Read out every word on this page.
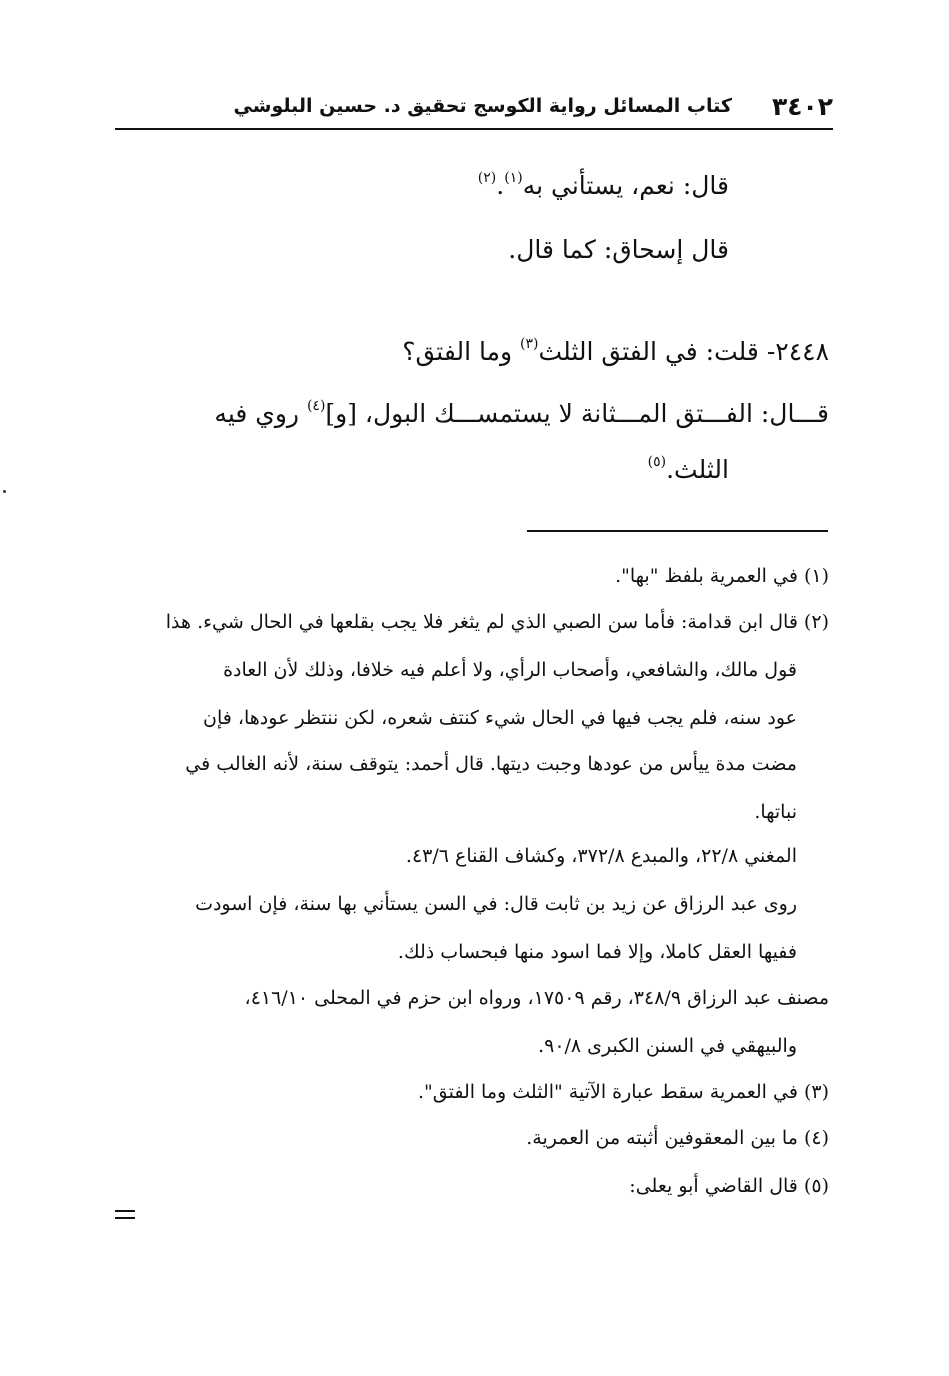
٣٤٠٢
كتاب المسائل رواية الكوسج تحقيق د. حسين البلوشي
قال: نعم، يستأني به$^{(١)}$.$^{(٢)}$
قال إسحاق: كما قال.
٢٤٤٨- قلت: في الفتق الثلث$^{(٣)}$ وما الفتق؟
قـــال: الفـــتق المـــثانة لا يستمســـك البول، [و]$^{(٤)}$ روي فيه
الثلث.$^{(٥)}$
(١) في العمرية بلفظ "بها".
(٢) قال ابن قدامة: فأما سن الصبي الذي لم يثغر فلا يجب بقلعها في الحال شيء. هذا
قول مالك، والشافعي، وأصحاب الرأي، ولا أعلم فيه خلافا، وذلك لأن العادة
عود سنه، فلم يجب فيها في الحال شيء كنتف شعره، لكن ننتظر عودها، فإن
مضت مدة ييأس من عودها وجبت ديتها. قال أحمد: يتوقف سنة، لأنه الغالب في
نباتها.
المغني ٢٢/٨، والمبدع ٣٧٢/٨، وكشاف القناع ٤٣/٦.
روى عبد الرزاق عن زيد بن ثابت قال: في السن يستأني بها سنة، فإن اسودت
ففيها العقل كاملا، وإلا فما اسود منها فبحساب ذلك.
مصنف عبد الرزاق ٣٤٨/٩، رقم ١٧٥٠٩، ورواه ابن حزم في المحلى ٤١٦/١٠،
والبيهقي في السنن الكبرى ٩٠/٨.
(٣) في العمرية سقط عبارة الآتية "الثلث وما الفتق".
(٤) ما بين المعقوفين أثبته من العمرية.
(٥) قال القاضي أبو يعلى:
